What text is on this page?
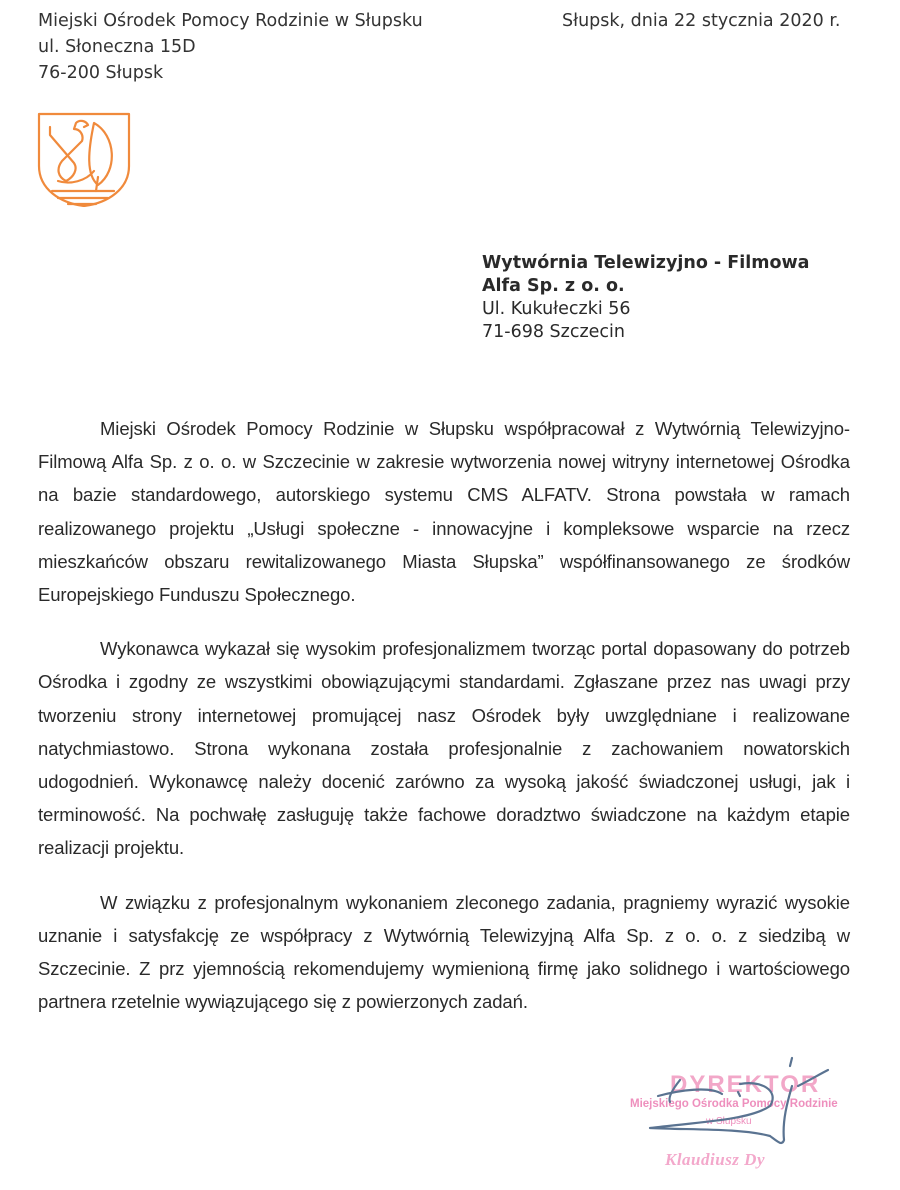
Miejski Ośrodek Pomocy Rodzinie w Słupsku
ul. Słoneczna 15D
76-200 Słupsk
Słupsk, dnia 22 stycznia 2020 r.
Wytwórnia Telewizyjno - Filmowa
Alfa Sp. z o. o.
Ul. Kukułeczki 56
71-698 Szczecin

Miejski Ośrodek Pomocy Rodzinie w Słupsku współpracował z Wytwórnią Telewizyjno-Filmową Alfa Sp. z o. o. w Szczecinie w zakresie wytworzenia nowej witryny internetowej Ośrodka na bazie standardowego, autorskiego systemu CMS ALFATV. Strona powstała w ramach realizowanego projektu „Usługi społeczne - innowacyjne i kompleksowe wsparcie na rzecz mieszkańców obszaru rewitalizowanego Miasta Słupska” współfinansowanego ze środków Europejskiego Funduszu Społecznego.

Wykonawca wykazał się wysokim profesjonalizmem tworząc portal dopasowany do potrzeb Ośrodka i zgodny ze wszystkimi obowiązującymi standardami. Zgłaszane przez nas uwagi przy tworzeniu strony internetowej promującej nasz Ośrodek były uwzględniane i realizowane natychmiastowo. Strona wykonana została profesjonalnie z zachowaniem nowatorskich udogodnień. Wykonawcę należy docenić zarówno za wysoką jakość świadczonej usługi, jak i terminowość. Na pochwałę zasługuję także fachowe doradztwo świadczone na każdym etapie realizacji projektu.

W związku z profesjonalnym wykonaniem zleconego zadania, pragniemy wyrazić wysokie uznanie i satysfakcję ze współpracy z Wytwórnią Telewizyjną Alfa Sp. z o. o. z siedzibą w Szczecinie. Z prz yjemnością rekomendujemy wymienioną firmę jako solidnego i wartościowego partnera rzetelnie wywiązującego się z powierzonych zadań.

DYREKTOR
Miejskiego Ośrodka Pomocy Rodzinie
w Słupsku
Klaudiusz Dy
